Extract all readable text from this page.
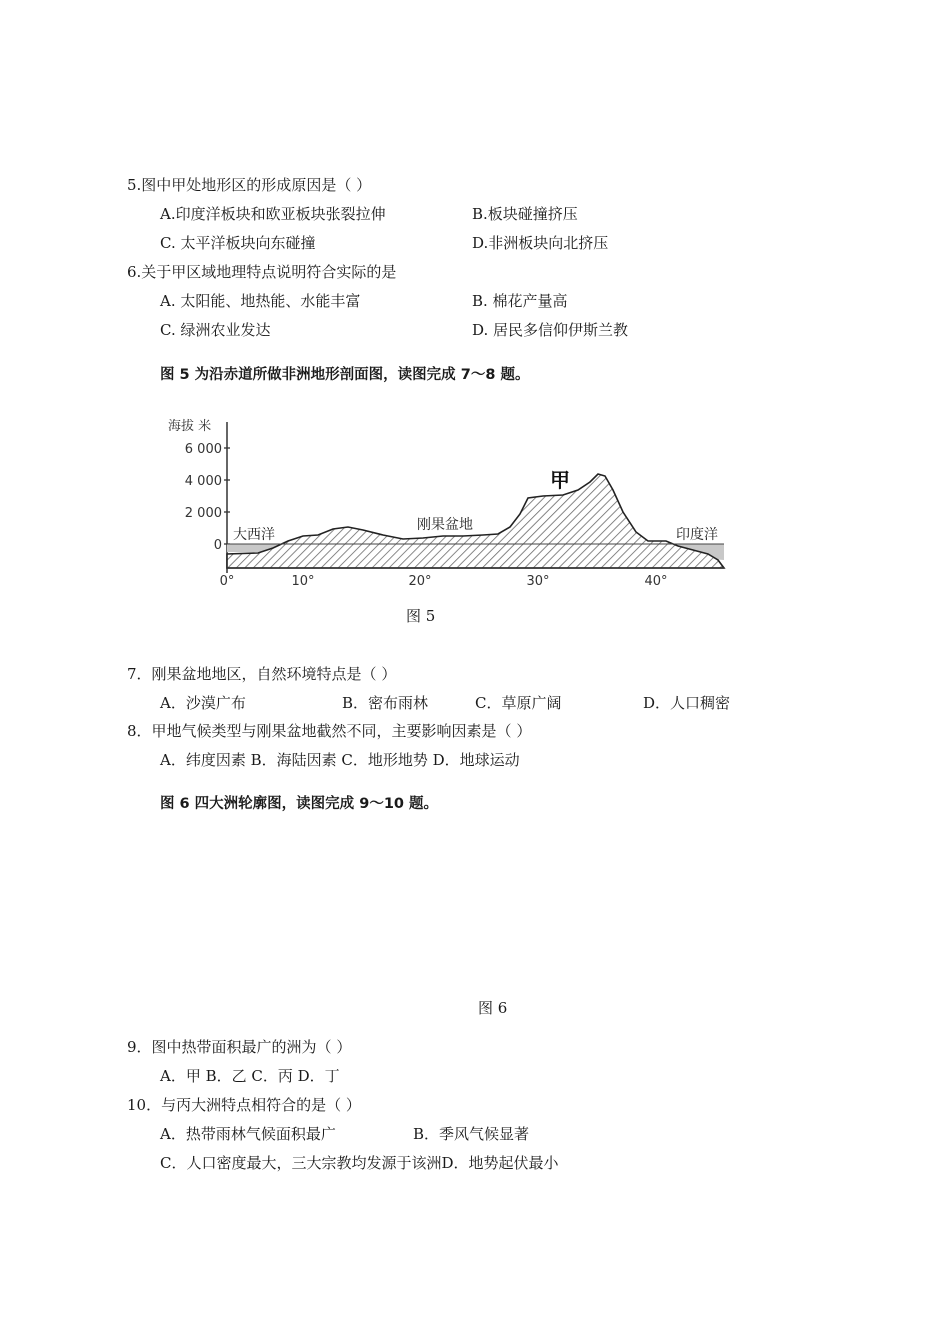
5.图中甲处地形区的形成原因是（ ）
A.印度洋板块和欧亚板块张裂拉伸	B.板块碰撞挤压
C. 太平洋板块向东碰撞	D.非洲板块向北挤压
6.关于甲区域地理特点说明符合实际的是
A. 太阳能、地热能、水能丰富	B. 棉花产量高
C. 绿洲农业发达	D. 居民多信仰伊斯兰教
图 5 为沿赤道所做非洲地形剖面图，读图完成 7～8 题。
海拔 米
6 000
4 000
2 000
0
大西洋
刚果盆地
甲
印度洋
0°	10°	20°	30°	40°
图 5
7．刚果盆地地区，自然环境特点是（ ）
A．沙漠广布	B．密布雨林	C．草原广阔	D．人口稠密
8．甲地气候类型与刚果盆地截然不同，主要影响因素是（ ）
A．纬度因素 B．海陆因素 C．地形地势 D．地球运动
图 6 四大洲轮廓图，读图完成 9～10 题。
图 6
9．图中热带面积最广的洲为（ ）
A．甲 B．乙 C．丙 D．丁
10．与丙大洲特点相符合的是（ ）
A．热带雨林气候面积最广	B．季风气候显著
C．人口密度最大，三大宗教均发源于该洲D．地势起伏最小
